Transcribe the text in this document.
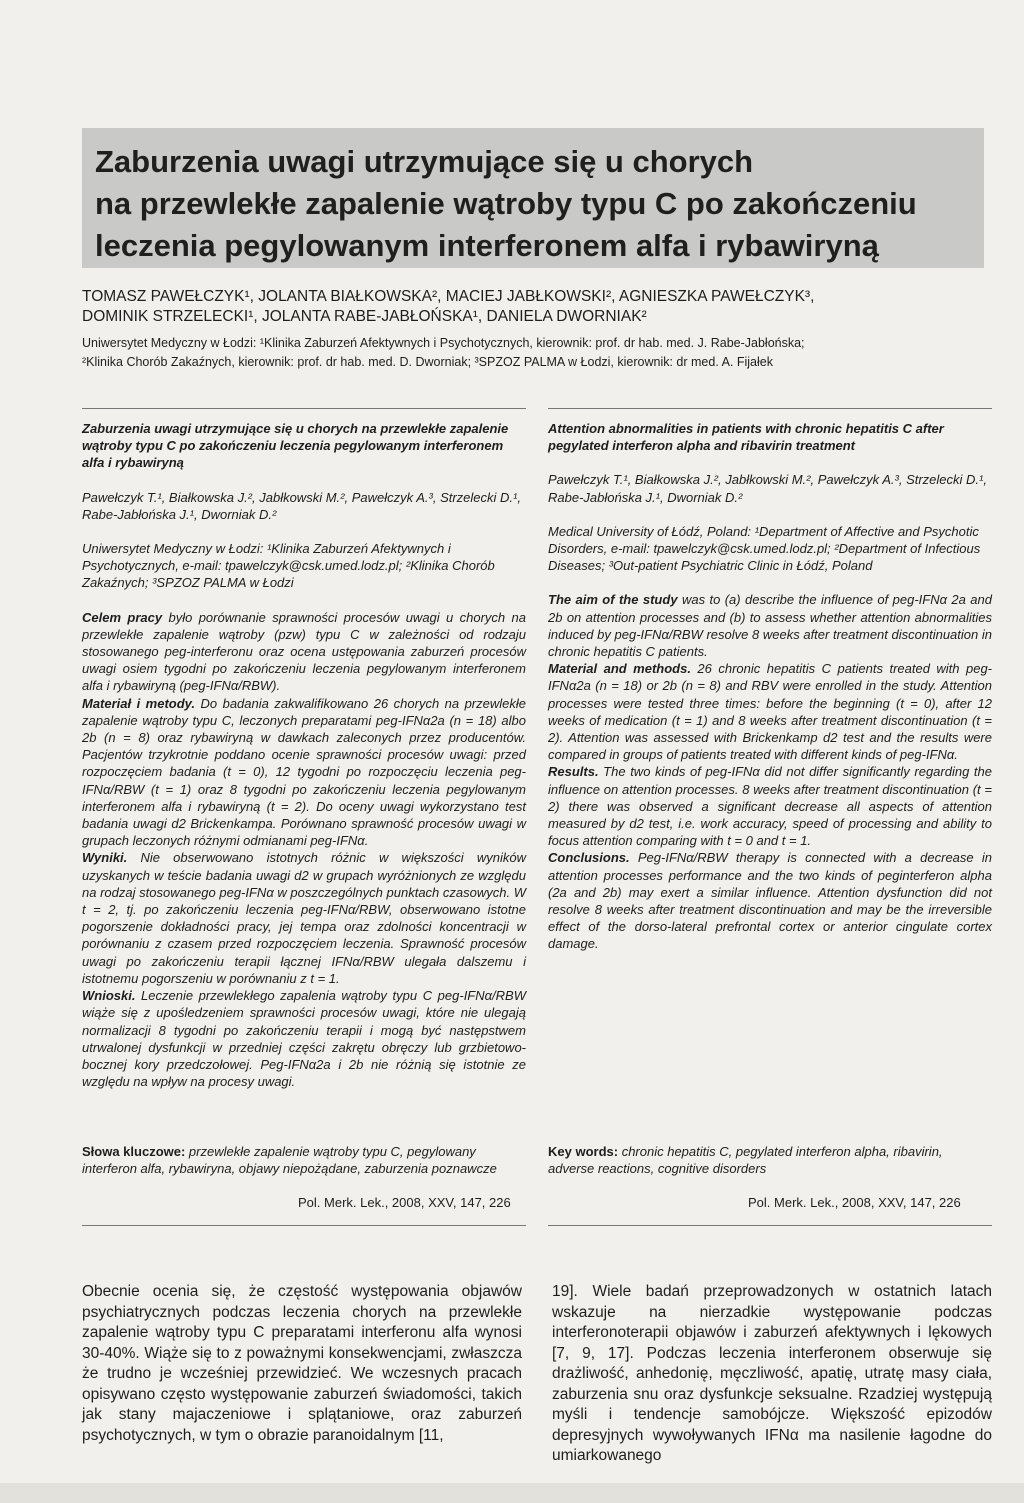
Zaburzenia uwagi utrzymujące się u chorych
na przewlekłe zapalenie wątroby typu C po zakończeniu
leczenia pegylowanym interferonem alfa i rybawiryną
TOMASZ PAWEŁCZYK¹, JOLANTA BIAŁKOWSKA², MACIEJ JABŁKOWSKI², AGNIESZKA PAWEŁCZYK³,
DOMINIK STRZELECKI¹, JOLANTA RABE-JABŁOŃSKA¹, DANIELA DWORNIAK²
Uniwersytet Medyczny w Łodzi: ¹Klinika Zaburzeń Afektywnych i Psychotycznych, kierownik: prof. dr hab. med. J. Rabe-Jabłońska;
²Klinika Chorób Zakaźnych, kierownik: prof. dr hab. med. D. Dworniak; ³SPZOZ PALMA w Łodzi, kierownik: dr med. A. Fijałek

Zaburzenia uwagi utrzymujące się u chorych na przewlekłe zapalenie wątroby typu C po zakończeniu leczenia pegylowanym interferonem alfa i rybawiryną

Pawełczyk T.¹, Białkowska J.², Jabłkowski M.², Pawełczyk A.³, Strzelecki D.¹, Rabe-Jabłońska J.¹, Dworniak D.²

Uniwersytet Medyczny w Łodzi: ¹Klinika Zaburzeń Afektywnych i Psychotycznych, e-mail: tpawelczyk@csk.umed.lodz.pl; ²Klinika Chorób Zakaźnych; ³SPZOZ PALMA w Łodzi

Celem pracy było porównanie sprawności procesów uwagi u chorych na przewlekłe zapalenie wątroby (pzw) typu C w zależności od rodzaju stosowanego peg-interferonu oraz ocena ustępowania zaburzeń procesów uwagi osiem tygodni po zakończeniu leczenia pegylowanym interferonem alfa i rybawiryną (peg-IFNα/RBW).

Materiał i metody. Do badania zakwalifikowano 26 chorych na przewlekłe zapalenie wątroby typu C, leczonych preparatami peg-IFNα2a (n = 18) albo 2b (n = 8) oraz rybawiryną w dawkach zaleconych przez producentów. Pacjentów trzykrotnie poddano ocenie sprawności procesów uwagi: przed rozpoczęciem badania (t = 0), 12 tygodni po rozpoczęciu leczenia peg-IFNα/RBW (t = 1) oraz 8 tygodni po zakończeniu leczenia pegylowanym interferonem alfa i rybawiryną (t = 2). Do oceny uwagi wykorzystano test badania uwagi d2 Brickenkampa. Porównano sprawność procesów uwagi w grupach leczonych różnymi odmianami peg-IFNα.

Wyniki. Nie obserwowano istotnych różnic w większości wyników uzyskanych w teście badania uwagi d2 w grupach wyróżnionych ze względu na rodzaj stosowanego peg-IFNα w poszczególnych punktach czasowych. W t = 2, tj. po zakończeniu leczenia peg-IFNα/RBW, obserwowano istotne pogorszenie dokładności pracy, jej tempa oraz zdolności koncentracji w porównaniu z czasem przed rozpoczęciem leczenia. Sprawność procesów uwagi po zakończeniu terapii łącznej IFNα/RBW ulegała dalszemu i istotnemu pogorszeniu w porównaniu z t = 1.

Wnioski. Leczenie przewlekłego zapalenia wątroby typu C peg-IFNα/RBW wiąże się z upośledzeniem sprawności procesów uwagi, które nie ulegają normalizacji 8 tygodni po zakończeniu terapii i mogą być następstwem utrwalonej dysfunkcji w przedniej części zakrętu obręczy lub grzbietowo-bocznej kory przedczołowej. Peg-IFNα2a i 2b nie różnią się istotnie ze względu na wpływ na procesy uwagi.

Attention abnormalities in patients with chronic hepatitis C after pegylated interferon alpha and ribavirin treatment

Pawełczyk T.¹, Białkowska J.², Jabłkowski M.², Pawełczyk A.³, Strzelecki D.¹, Rabe-Jabłońska J.¹, Dworniak D.²

Medical University of Łódź, Poland: ¹Department of Affective and Psychotic Disorders, e-mail: tpawelczyk@csk.umed.lodz.pl; ²Department of Infectious Diseases; ³Out-patient Psychiatric Clinic in Łódź, Poland

The aim of the study was to (a) describe the influence of peg-IFNα 2a and 2b on attention processes and (b) to assess whether attention abnormalities induced by peg-IFNα/RBW resolve 8 weeks after treatment discontinuation in chronic hepatitis C patients.

Material and methods. 26 chronic hepatitis C patients treated with peg-IFNα2a (n = 18) or 2b (n = 8) and RBV were enrolled in the study. Attention processes were tested three times: before the beginning (t = 0), after 12 weeks of medication (t = 1) and 8 weeks after treatment discontinuation (t = 2). Attention was assessed with Brickenkamp d2 test and the results were compared in groups of patients treated with different kinds of peg-IFNα.

Results. The two kinds of peg-IFNα did not differ significantly regarding the influence on attention processes. 8 weeks after treatment discontinuation (t = 2) there was observed a significant decrease all aspects of attention measured by d2 test, i.e. work accuracy, speed of processing and ability to focus attention comparing with t = 0 and t = 1.

Conclusions. Peg-IFNα/RBW therapy is connected with a decrease in attention processes performance and the two kinds of peginterferon alpha (2a and 2b) may exert a similar influence. Attention dysfunction did not resolve 8 weeks after treatment discontinuation and may be the irreversible effect of the dorso-lateral prefrontal cortex or anterior cingulate cortex damage.

Słowa kluczowe: przewlekłe zapalenie wątroby typu C, pegylowany interferon alfa, rybawiryna, objawy niepożądane, zaburzenia poznawcze

Key words: chronic hepatitis C, pegylated interferon alpha, ribavirin, adverse reactions, cognitive disorders

Pol. Merk. Lek., 2008, XXV, 147, 226	Pol. Merk. Lek., 2008, XXV, 147, 226

Obecnie ocenia się, że częstość występowania objawów psychiatrycznych podczas leczenia chorych na przewlekłe zapalenie wątroby typu C preparatami interferonu alfa wynosi 30-40%. Wiąże się to z poważnymi konsekwencjami, zwłaszcza że trudno je wcześniej przewidzieć. We wczesnych pracach opisywano często występowanie zaburzeń świadomości, takich jak stany majaczeniowe i splątaniowe, oraz zaburzeń psychotycznych, w tym o obrazie paranoidalnym [11,

19]. Wiele badań przeprowadzonych w ostatnich latach wskazuje na nierzadkie występowanie podczas interferonoterapii objawów i zaburzeń afektywnych i lękowych [7, 9, 17]. Podczas leczenia interferonem obserwuje się drażliwość, anhedonię, męczliwość, apatię, utratę masy ciała, zaburzenia snu oraz dysfunkcje seksualne. Rzadziej występują myśli i tendencje samobójcze. Większość epizodów depresyjnych wywoływanych IFNα ma nasilenie łagodne do umiarkowanego
